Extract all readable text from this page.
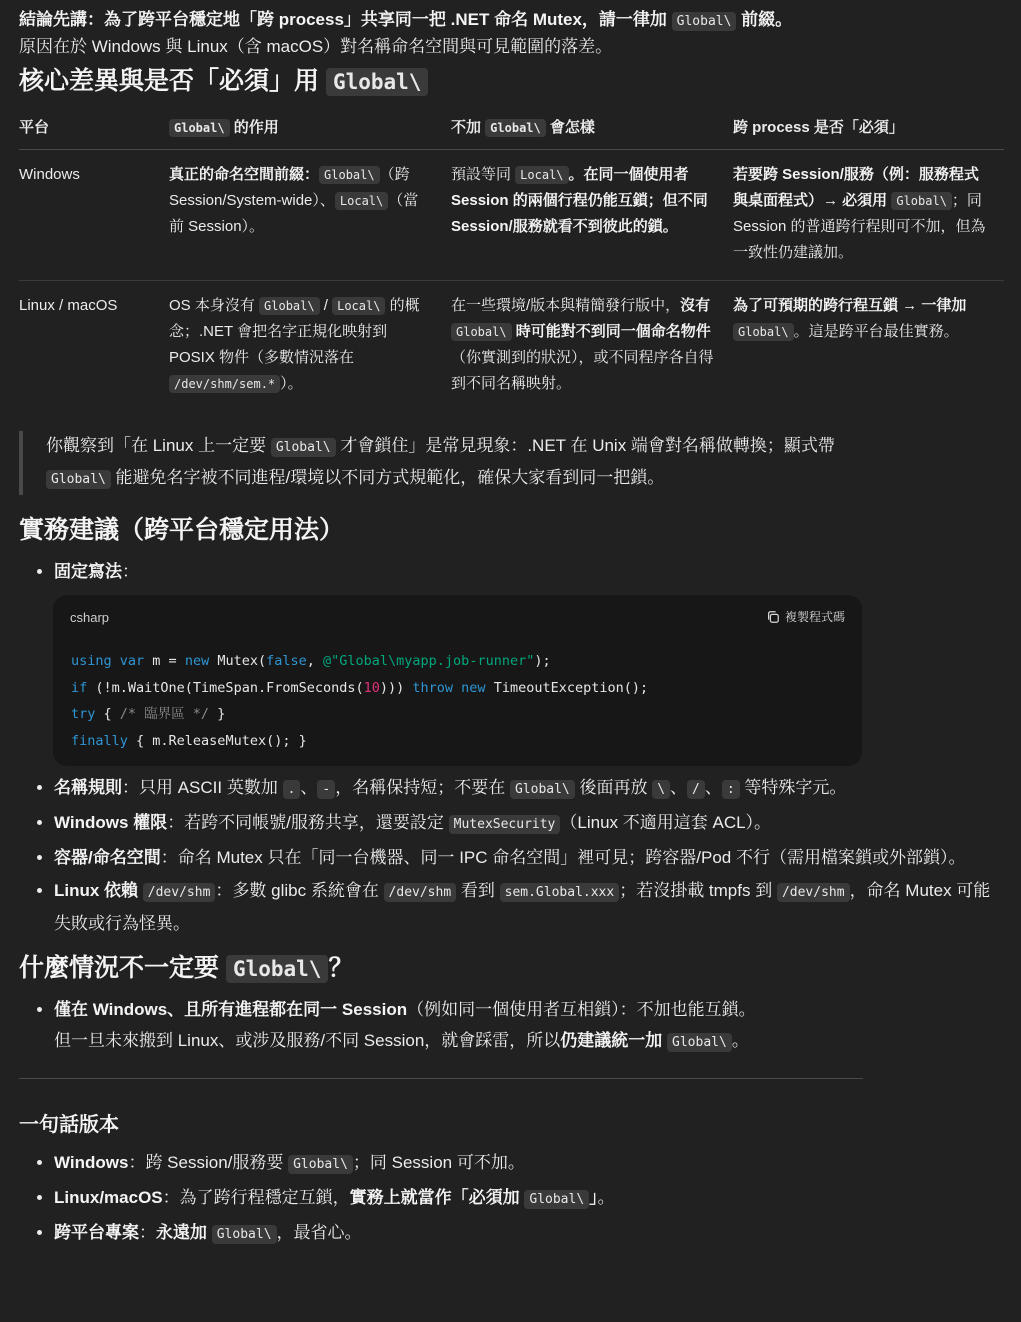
結論先講：為了跨平台穩定地「跨 process」共享同一把 .NET 命名 Mutex，請一律加 Global\ 前綴。

原因在於 Windows 與 Linux（含 macOS）對名稱命名空間與可見範圍的落差。

核心差異與是否「必須」用 Global\
平台	Global\ 的作用	不加 Global\ 會怎樣	跨 process 是否「必須」
Windows	真正的命名空間前綴： Global\ （跨 Session/System-wide）、 Local\ （當前 Session）。	預設等同 Local\ 。在同一個使用者 Session 的兩個行程仍能互鎖；但不同 Session/服務就看不到彼此的鎖。	若要跨 Session/服務（例：服務程式與桌面程式）→ 必須用 Global\ ；同 Session 的普通跨行程則可不加，但為一致性仍建議加。
Linux / macOS	OS 本身沒有 Global\ / Local\ 的概念；.NET 會把名字正規化映射到 POSIX 物件（多數情況落在 /dev/shm/sem.* ）。	在一些環境/版本與精簡發行版中，沒有 Global\ 時可能對不到同一個命名物件（你實測到的狀況），或不同程序各自得到不同名稱映射。	為了可預期的跨行程互鎖 → 一律加 Global\ 。這是跨平台最佳實務。
你觀察到「在 Linux 上一定要 Global\ 才會鎖住」是常見現象：.NET 在 Unix 端會對名稱做轉換；顯式帶 Global\ 能避免名字被不同進程/環境以不同方式規範化，確保大家看到同一把鎖。
實務建議（跨平台穩定用法）
• 固定寫法：
csharp	複製程式碼
using var m = new Mutex(false, @"Global\myapp.job-runner");
if (!m.WaitOne(TimeSpan.FromSeconds(10))) throw new TimeoutException();
try { /* 臨界區 */ }
finally { m.ReleaseMutex(); }
• 名稱規則：只用 ASCII 英數加 . 、 - ，名稱保持短；不要在 Global\ 後面再放 \ 、 / 、 : 等特殊字元。
• Windows 權限：若跨不同帳號/服務共享，還要設定 MutexSecurity （Linux 不適用這套 ACL）。
• 容器/命名空間：命名 Mutex 只在「同一台機器、同一 IPC 命名空間」裡可見；跨容器/Pod 不行（需用檔案鎖或外部鎖）。
• Linux 依賴 /dev/shm ：多數 glibc 系統會在 /dev/shm 看到 sem.Global.xxx ；若沒掛載 tmpfs 到 /dev/shm ，命名 Mutex 可能失敗或行為怪異。
什麼情況不一定要 Global\ ？
• 僅在 Windows、且所有進程都在同一 Session（例如同一個使用者互相鎖）：不加也能互鎖。
但一旦未來搬到 Linux、或涉及服務/不同 Session，就會踩雷，所以仍建議統一加 Global\ 。
一句話版本
• Windows：跨 Session/服務要 Global\ ；同 Session 可不加。
• Linux/macOS：為了跨行程穩定互鎖，實務上就當作「必須加 Global\ 」。
• 跨平台專案：永遠加 Global\ ，最省心。
